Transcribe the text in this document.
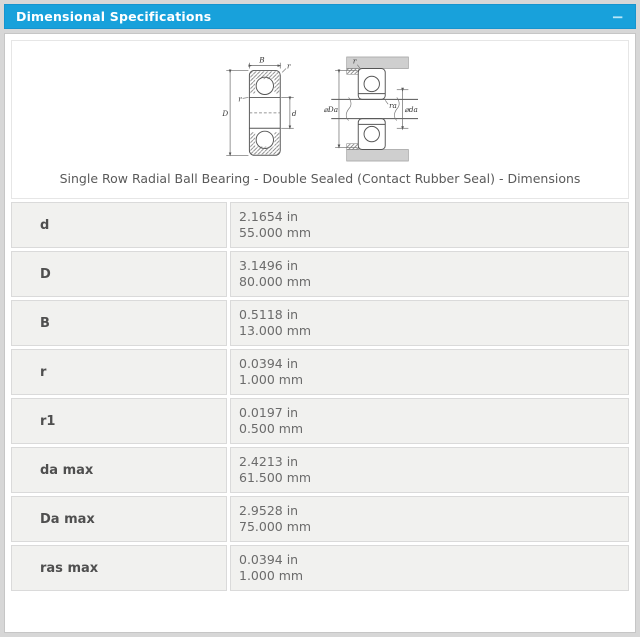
Dimensional Specifications	−
B
r
r
D	d
r
ra
⌀Da	⌀da
Single Row Radial Ball Bearing - Double Sealed (Contact Rubber Seal) - Dimensions

d	2.1654 in
55.000 mm

D	3.1496 in
80.000 mm

B	0.5118 in
13.000 mm

r	0.0394 in
1.000 mm

r1	0.0197 in
0.500 mm

da max	2.4213 in
61.500 mm

Da max	2.9528 in
75.000 mm

ras max	0.0394 in
1.000 mm
